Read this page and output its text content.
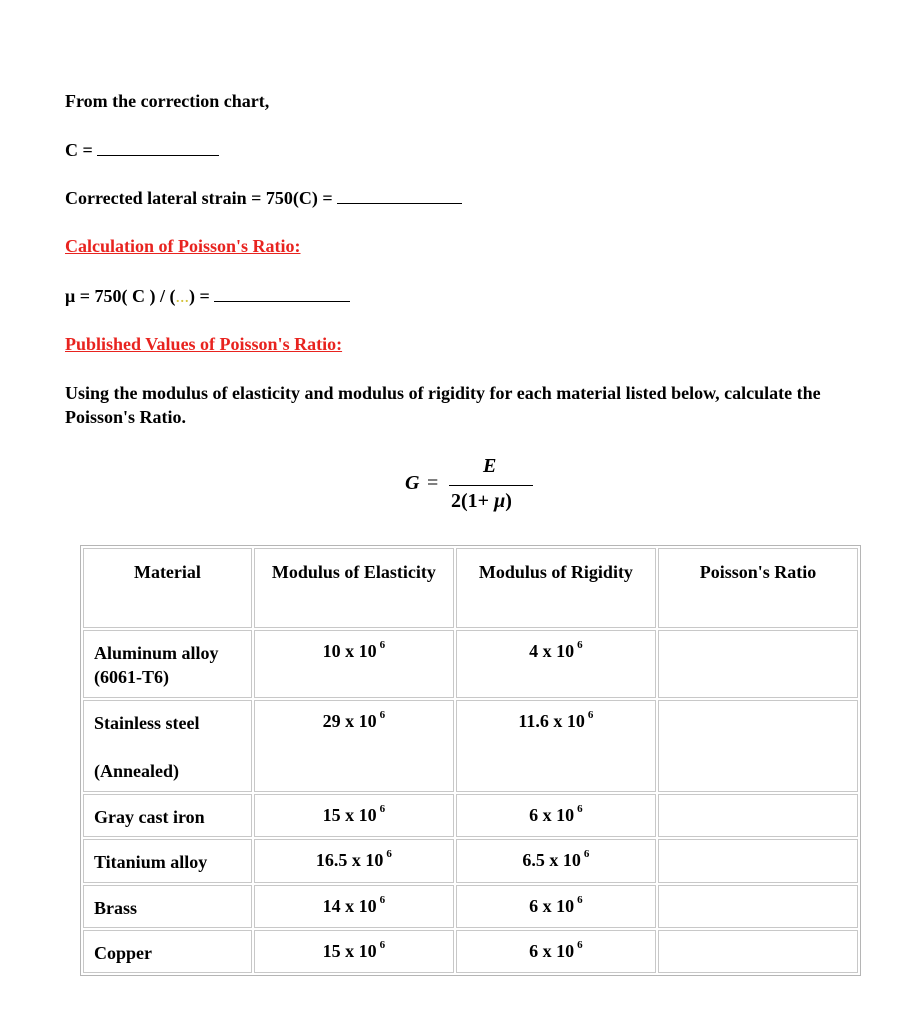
From the correction chart,
C =
Corrected lateral strain = 750(C) =
Calculation of Poisson's Ratio:
μ = 750( C ) / (...) =
Published Values of Poisson's Ratio:
Using the modulus of elasticity and modulus of rigidity for each material listed below, calculate the Poisson's Ratio.
G =
E
2(1+ μ)
Material	Modulus of Elasticity	Modulus of Rigidity	Poisson's Ratio
Aluminum alloy (6061-T6)	10 x 10 $^6$	4 x 10 $^6$	

Stainless steel
(Annealed)	29 x 10 $^6$	11.6 x 10 $^6$	
Gray cast iron	15 x 10 $^6$	6 x 10 $^6$	
Titanium alloy	16.5 x 10 $^6$	6.5 x 10 $^6$	
Brass	14 x 10 $^6$	6 x 10 $^6$	
Copper	15 x 10 $^6$	6 x 10 $^6$	
